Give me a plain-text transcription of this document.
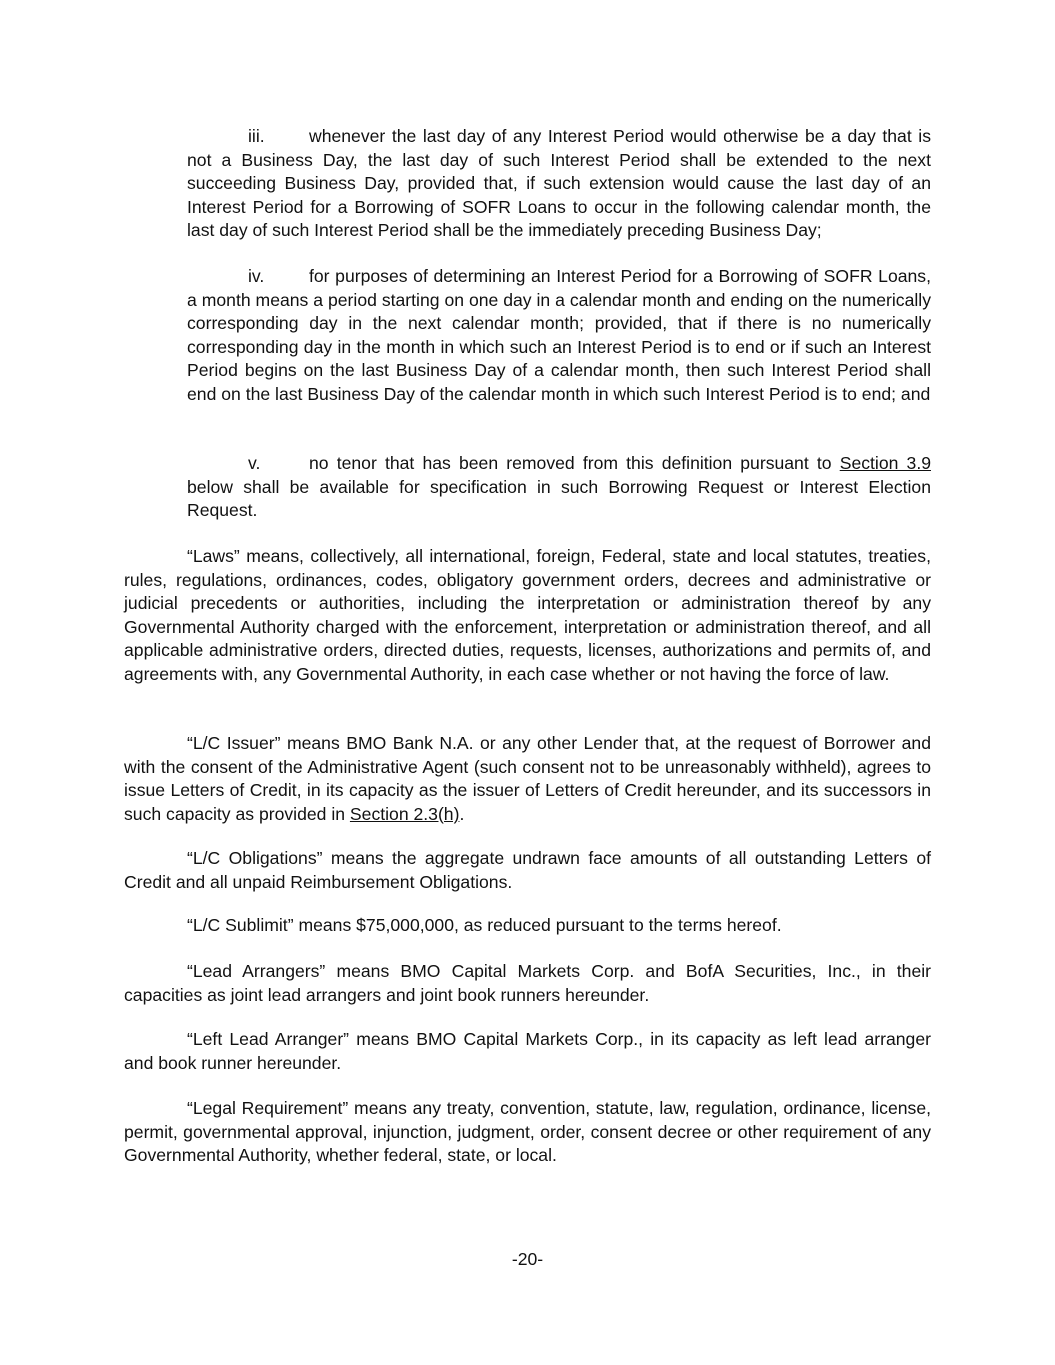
iii.	whenever the last day of any Interest Period would otherwise be a day that is not a Business Day, the last day of such Interest Period shall be extended to the next succeeding Business Day, provided that, if such extension would cause the last day of an Interest Period for a Borrowing of SOFR Loans to occur in the following calendar month, the last day of such Interest Period shall be the immediately preceding Business Day;

iv.	for purposes of determining an Interest Period for a Borrowing of SOFR Loans, a month means a period starting on one day in a calendar month and ending on the numerically corresponding day in the next calendar month; provided, that if there is no numerically corresponding day in the month in which such an Interest Period is to end or if such an Interest Period begins on the last Business Day of a calendar month, then such Interest Period shall end on the last Business Day of the calendar month in which such Interest Period is to end; and

v.	no tenor that has been removed from this definition pursuant to Section 3.9 below shall be available for specification in such Borrowing Request or Interest Election Request.

“Laws” means, collectively, all international, foreign, Federal, state and local statutes, treaties, rules, regulations, ordinances, codes, obligatory government orders, decrees and administrative or judicial precedents or authorities, including the interpretation or administration thereof by any Governmental Authority charged with the enforcement, interpretation or administration thereof, and all applicable administrative orders, directed duties, requests, licenses, authorizations and permits of, and agreements with, any Governmental Authority, in each case whether or not having the force of law.

“L/C Issuer” means BMO Bank N.A. or any other Lender that, at the request of Borrower and with the consent of the Administrative Agent (such consent not to be unreasonably withheld), agrees to issue Letters of Credit, in its capacity as the issuer of Letters of Credit hereunder, and its successors in such capacity as provided in Section 2.3(h).

“L/C Obligations” means the aggregate undrawn face amounts of all outstanding Letters of Credit and all unpaid Reimbursement Obligations.

“L/C Sublimit” means $75,000,000, as reduced pursuant to the terms hereof.

“Lead Arrangers” means BMO Capital Markets Corp. and BofA Securities, Inc., in their capacities as joint lead arrangers and joint book runners hereunder.

“Left Lead Arranger” means BMO Capital Markets Corp., in its capacity as left lead arranger and book runner hereunder.

“Legal Requirement” means any treaty, convention, statute, law, regulation, ordinance, license, permit, governmental approval, injunction, judgment, order, consent decree or other requirement of any Governmental Authority, whether federal, state, or local.

-20-
